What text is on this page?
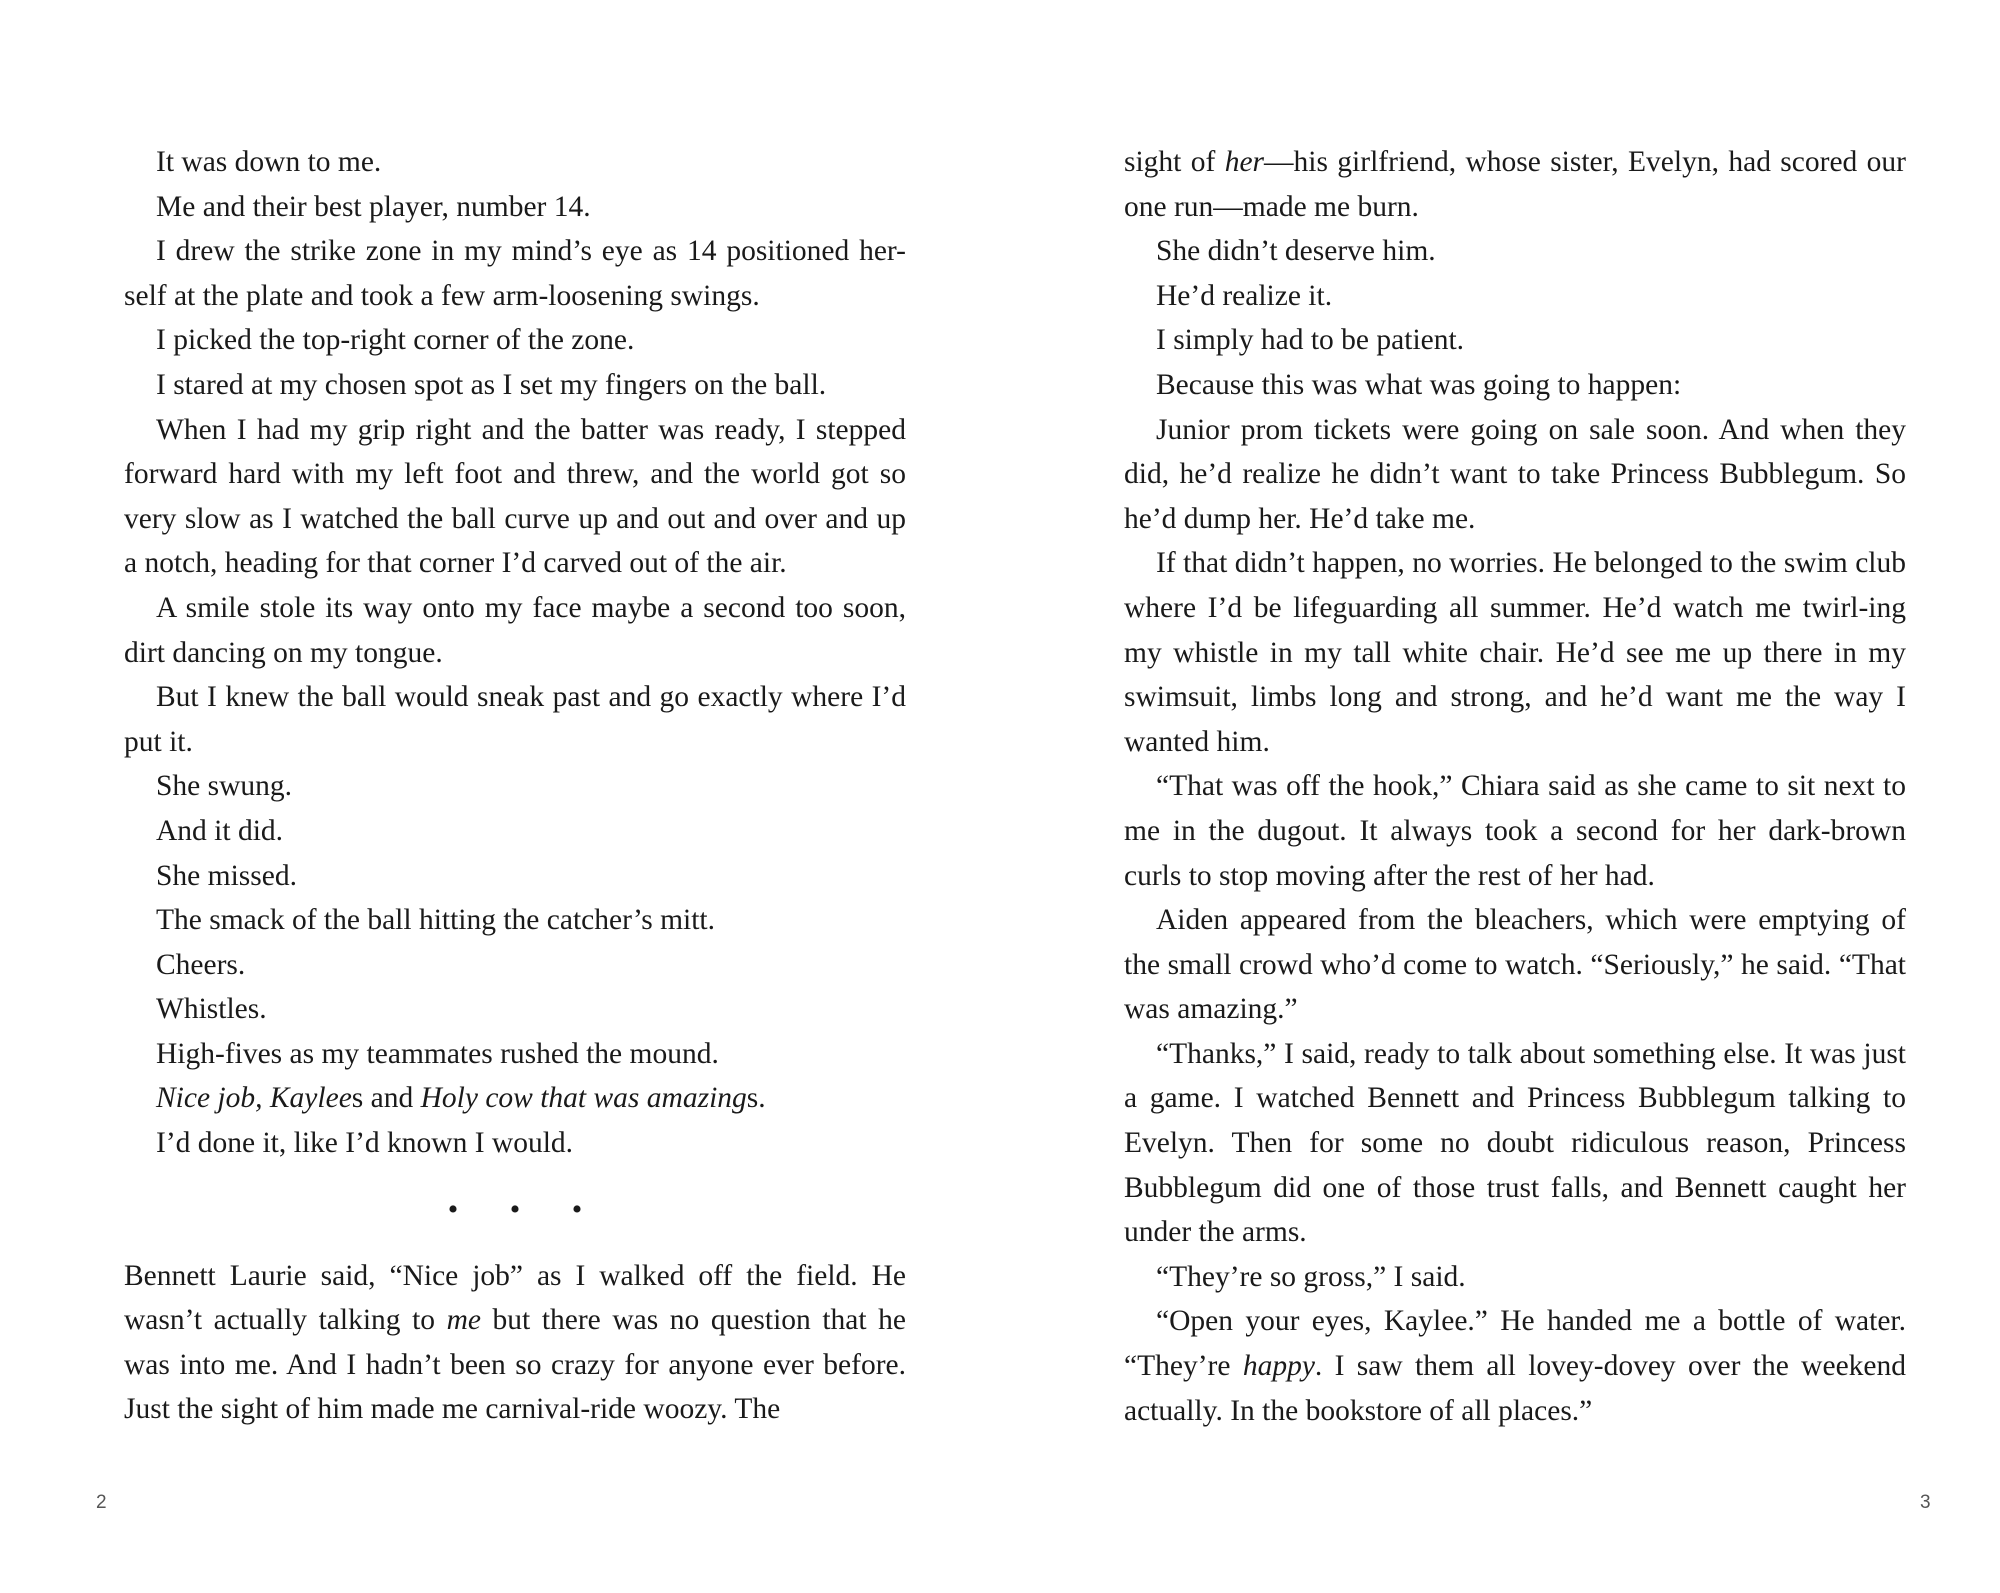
It was down to me.

Me and their best player, number 14.

I drew the strike zone in my mind’s eye as 14 positioned her-self at the plate and took a few arm-loosening swings.

I picked the top-right corner of the zone.

I stared at my chosen spot as I set my fingers on the ball.

When I had my grip right and the batter was ready, I stepped forward hard with my left foot and threw, and the world got so very slow as I watched the ball curve up and out and over and up a notch, heading for that corner I’d carved out of the air.

A smile stole its way onto my face maybe a second too soon, dirt dancing on my tongue.

But I knew the ball would sneak past and go exactly where I’d put it.

She swung.

And it did.

She missed.

The smack of the ball hitting the catcher’s mitt.

Cheers.

Whistles.

High-fives as my teammates rushed the mound.

Nice job, Kaylees and Holy cow that was amazings.

I’d done it, like I’d known I would.

• • •

Bennett Laurie said, “Nice job” as I walked off the field. He wasn’t actually talking to me but there was no question that he was into me. And I hadn’t been so crazy for anyone ever before. Just the sight of him made me carnival-ride woozy. The

sight of her—his girlfriend, whose sister, Evelyn, had scored our one run—made me burn.

She didn’t deserve him.

He’d realize it.

I simply had to be patient.

Because this was what was going to happen:

Junior prom tickets were going on sale soon. And when they did, he’d realize he didn’t want to take Princess Bubblegum. So he’d dump her. He’d take me.

If that didn’t happen, no worries. He belonged to the swim club where I’d be lifeguarding all summer. He’d watch me twirl-ing my whistle in my tall white chair. He’d see me up there in my swimsuit, limbs long and strong, and he’d want me the way I wanted him.

“That was off the hook,” Chiara said as she came to sit next to me in the dugout. It always took a second for her dark-brown curls to stop moving after the rest of her had.

Aiden appeared from the bleachers, which were emptying of the small crowd who’d come to watch. “Seriously,” he said. “That was amazing.”

“Thanks,” I said, ready to talk about something else. It was just a game. I watched Bennett and Princess Bubblegum talking to Evelyn. Then for some no doubt ridiculous reason, Princess Bubblegum did one of those trust falls, and Bennett caught her under the arms.

“They’re so gross,” I said.

“Open your eyes, Kaylee.” He handed me a bottle of water. “They’re happy. I saw them all lovey-dovey over the weekend actually. In the bookstore of all places.”

2	3
